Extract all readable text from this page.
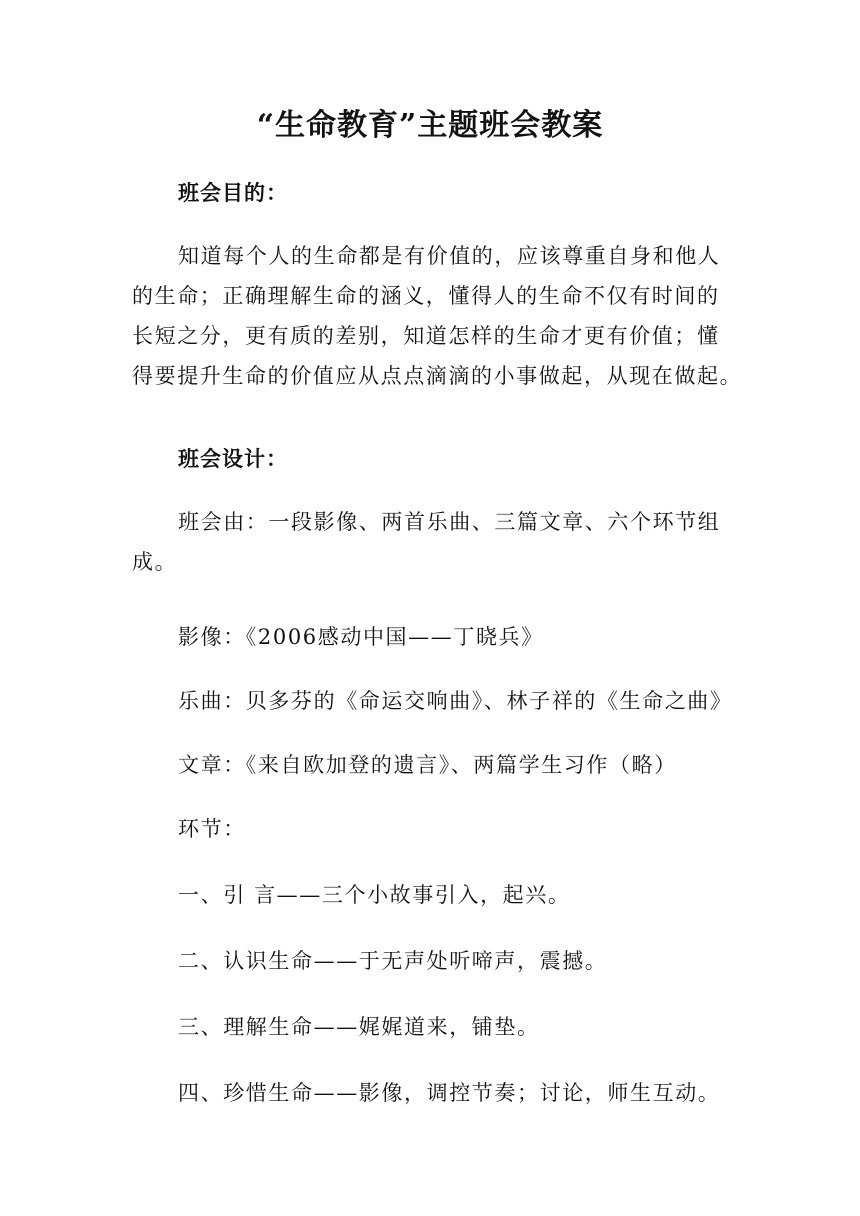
“生命教育”主题班会教案
班会目的：
知道每个人的生命都是有价值的，应该尊重自身和他人
的生命；正确理解生命的涵义，懂得人的生命不仅有时间的
长短之分，更有质的差别，知道怎样的生命才更有价值；懂
得要提升生命的价值应从点点滴滴的小事做起，从现在做起。
班会设计：
班会由：一段影像、两首乐曲、三篇文章、六个环节组
成。
影像：《2006感动中国——丁晓兵》
乐曲：贝多芬的《命运交响曲》、林子祥的《生命之曲》
文章：《来自欧加登的遗言》、两篇学生习作（略）
环节：
一、引 言——三个小故事引入，起兴。
二、认识生命——于无声处听啼声，震撼。
三、理解生命——娓娓道来，铺垫。
四、珍惜生命——影像，调控节奏；讨论，师生互动。
